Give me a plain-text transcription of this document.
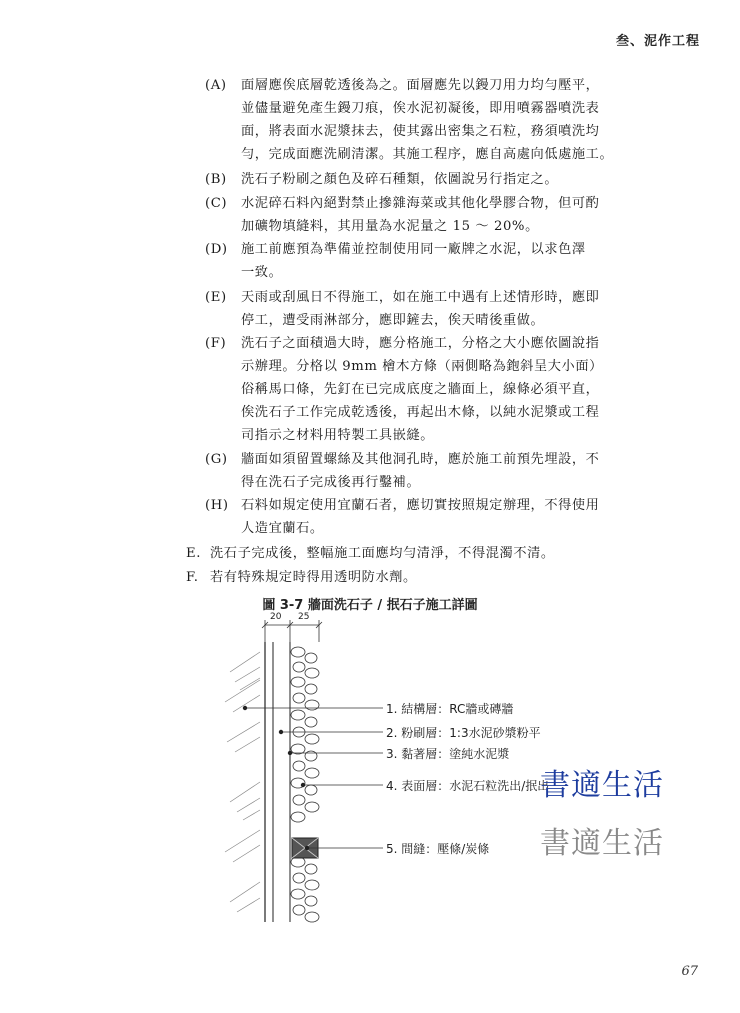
叁、泥作工程
(A) 面層應俟底層乾透後為之。面層應先以鏝刀用力均勻壓平，
並儘量避免產生鏝刀痕，俟水泥初凝後，即用噴霧器噴洗表
面，將表面水泥漿抹去，使其露出密集之石粒，務須噴洗均
勻，完成面應洗刷清潔。其施工程序，應自高處向低處施工。
(B) 洗石子粉刷之顏色及碎石種類，依圖說另行指定之。
(C) 水泥碎石料內絕對禁止摻雜海菜或其他化學膠合物，但可酌
加礦物填縫料，其用量為水泥量之 15 ～ 20%。
(D) 施工前應預為準備並控制使用同一廠牌之水泥，以求色澤
一致。
(E) 天雨或刮風日不得施工，如在施工中遇有上述情形時，應即
停工，遭受雨淋部分，應即鏟去，俟天晴後重做。
(F) 洗石子之面積過大時，應分格施工，分格之大小應依圖說指
示辦理。分格以 9mm 檜木方條（兩側略為鉋斜呈大小面）
俗稱馬口條，先釘在已完成底度之牆面上，線條必須平直，
俟洗石子工作完成乾透後，再起出木條，以純水泥漿或工程
司指示之材料用特製工具嵌縫。
(G) 牆面如須留置螺絲及其他洞孔時，應於施工前預先埋設，不
得在洗石子完成後再行鑿補。
(H) 石料如規定使用宜蘭石者，應切實按照規定辦理，不得使用
人造宜蘭石。
E. 洗石子完成後，整幅施工面應均勻清淨，不得混濁不清。
F. 若有特殊規定時得用透明防水劑。
圖 3-7 牆面洗石子 / 抿石子施工詳圖
20 25
1. 結構層：RC牆或磚牆
2. 粉刷層：1:3水泥砂漿粉平
3. 黏著層：塗純水泥漿
4. 表面層：水泥石粒洗出/抿出
5. 間縫：壓條/炭條
書適生活
書適生活
67
